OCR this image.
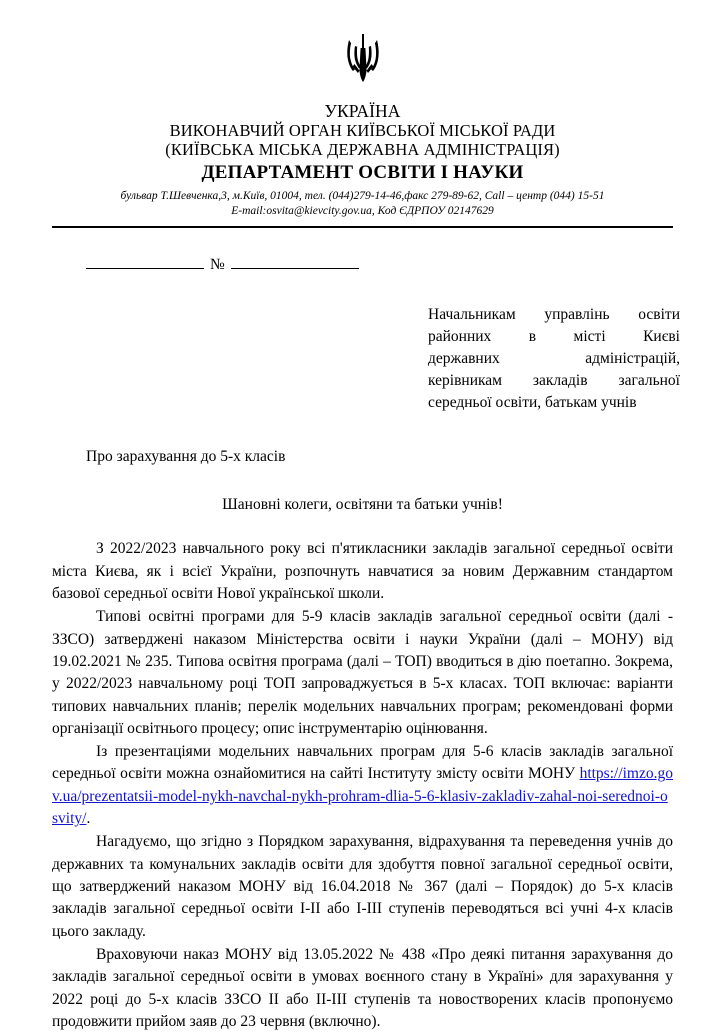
УКРАЇНА
ВИКОНАВЧИЙ ОРГАН КИЇВСЬКОЇ МІСЬКОЇ РАДИ
(КИЇВСЬКА МІСЬКА ДЕРЖАВНА АДМІНІСТРАЦІЯ)
ДЕПАРТАМЕНТ ОСВІТИ І НАУКИ
бульвар Т.Шевченка,3, м.Київ, 01004, тел. (044)279-14-46,факс 279-89-62, Call – центр (044) 15-51
E-mail:osvita@kievcity.gov.ua, Код ЄДРПОУ 02147629
№
Начальникам управлінь освіти
районних в місті Києві
державних адміністрацій,
керівникам закладів загальної
середньої освіти, батькам учнів
Про зарахування до 5-х класів
Шановні колеги, освітяни та батьки учнів!

З 2022/2023 навчального року всі п'ятикласники закладів загальної середньої освіти міста Києва, як і всієї України, розпочнуть навчатися за новим Державним стандартом базової середньої освіти Нової української школи.

Типові освітні програми для 5-9 класів закладів загальної середньої освіти (далі - ЗЗСО) затверджені наказом Міністерства освіти і науки України (далі – МОНУ) від 19.02.2021 № 235. Типова освітня програма (далі – ТОП) вводиться в дію поетапно. Зокрема, у 2022/2023 навчальному році ТОП запроваджується в 5-х класах. ТОП включає: варіанти типових навчальних планів; перелік модельних навчальних програм; рекомендовані форми організації освітнього процесу; опис інструментарію оцінювання.

Із презентаціями модельних навчальних програм для 5-6 класів закладів загальної середньої освіти можна ознайомитися на сайті Інституту змісту освіти МОНУ https://imzo.gov.ua/prezentatsii-model-nykh-navchal-nykh-prohram-dlia-5-6-klasiv-zakladiv-zahal-noi-serednoi-osvity/.

Нагадуємо, що згідно з Порядком зарахування, відрахування та переведення учнів до державних та комунальних закладів освіти для здобуття повної загальної середньої освіти, що затверджений наказом МОНУ від 16.04.2018 № 367 (далі – Порядок) до 5-х класів закладів загальної середньої освіти І-ІІ або І-ІІІ ступенів переводяться всі учні 4-х класів цього закладу.

Враховуючи наказ МОНУ від 13.05.2022 № 438 «Про деякі питання зарахування до закладів загальної середньої освіти в умовах воєнного стану в Україні» для зарахування у 2022 році до 5-х класів ЗЗСО ІІ або ІІ-ІІІ ступенів та новостворених класів пропонуємо продовжити прийом заяв до 23 червня (включно).
